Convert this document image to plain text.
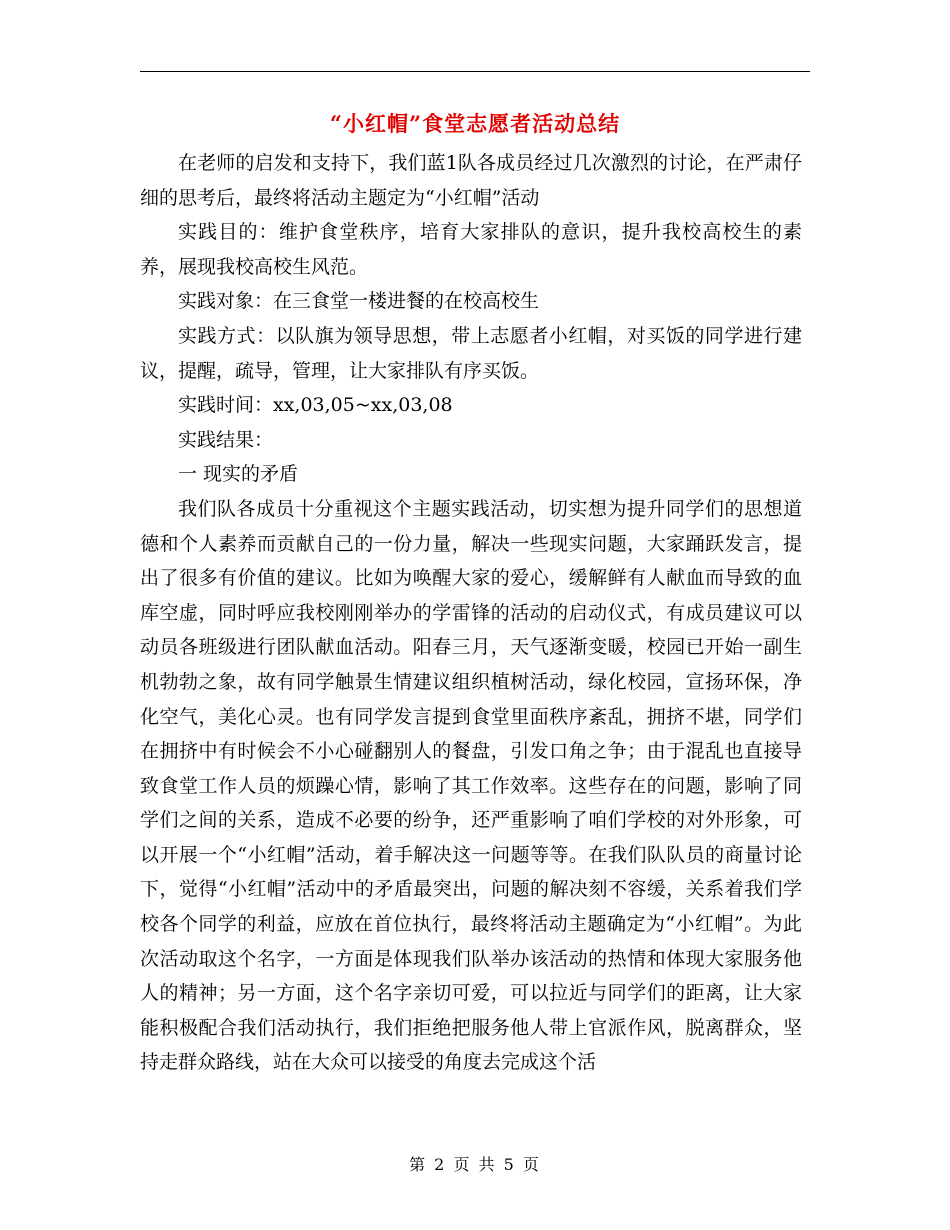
“小红帽”食堂志愿者活动总结

在老师的启发和支持下，我们蓝1队各成员经过几次激烈的讨论，在严肃仔细的思考后，最终将活动主题定为“小红帽”活动

实践目的：维护食堂秩序，培育大家排队的意识，提升我校高校生的素养，展现我校高校生风范。

实践对象：在三食堂一楼进餐的在校高校生

实践方式：以队旗为领导思想，带上志愿者小红帽，对买饭的同学进行建议，提醒，疏导，管理，让大家排队有序买饭。

实践时间：xx,03,05~xx,03,08

实践结果：

一 现实的矛盾

我们队各成员十分重视这个主题实践活动，切实想为提升同学们的思想道德和个人素养而贡献自己的一份力量，解决一些现实问题，大家踊跃发言，提出了很多有价值的建议。比如为唤醒大家的爱心，缓解鲜有人献血而导致的血库空虚，同时呼应我校刚刚举办的学雷锋的活动的启动仪式，有成员建议可以动员各班级进行团队献血活动。阳春三月，天气逐渐变暖，校园已开始一副生机勃勃之象，故有同学触景生情建议组织植树活动，绿化校园，宣扬环保，净化空气，美化心灵。也有同学发言提到食堂里面秩序紊乱，拥挤不堪，同学们在拥挤中有时候会不小心碰翻别人的餐盘，引发口角之争；由于混乱也直接导致食堂工作人员的烦躁心情，影响了其工作效率。这些存在的问题，影响了同学们之间的关系，造成不必要的纷争，还严重影响了咱们学校的对外形象，可以开展一个“小红帽”活动，着手解决这一问题等等。在我们队队员的商量讨论下，觉得“小红帽”活动中的矛盾最突出，问题的解决刻不容缓，关系着我们学校各个同学的利益，应放在首位执行，最终将活动主题确定为“小红帽”。为此次活动取这个名字，一方面是体现我们队举办该活动的热情和体现大家服务他人的精神；另一方面，这个名字亲切可爱，可以拉近与同学们的距离，让大家能积极配合我们活动执行，我们拒绝把服务他人带上官派作风，脱离群众，坚持走群众路线，站在大众可以接受的角度去完成这个活

第 2 页 共 5 页
